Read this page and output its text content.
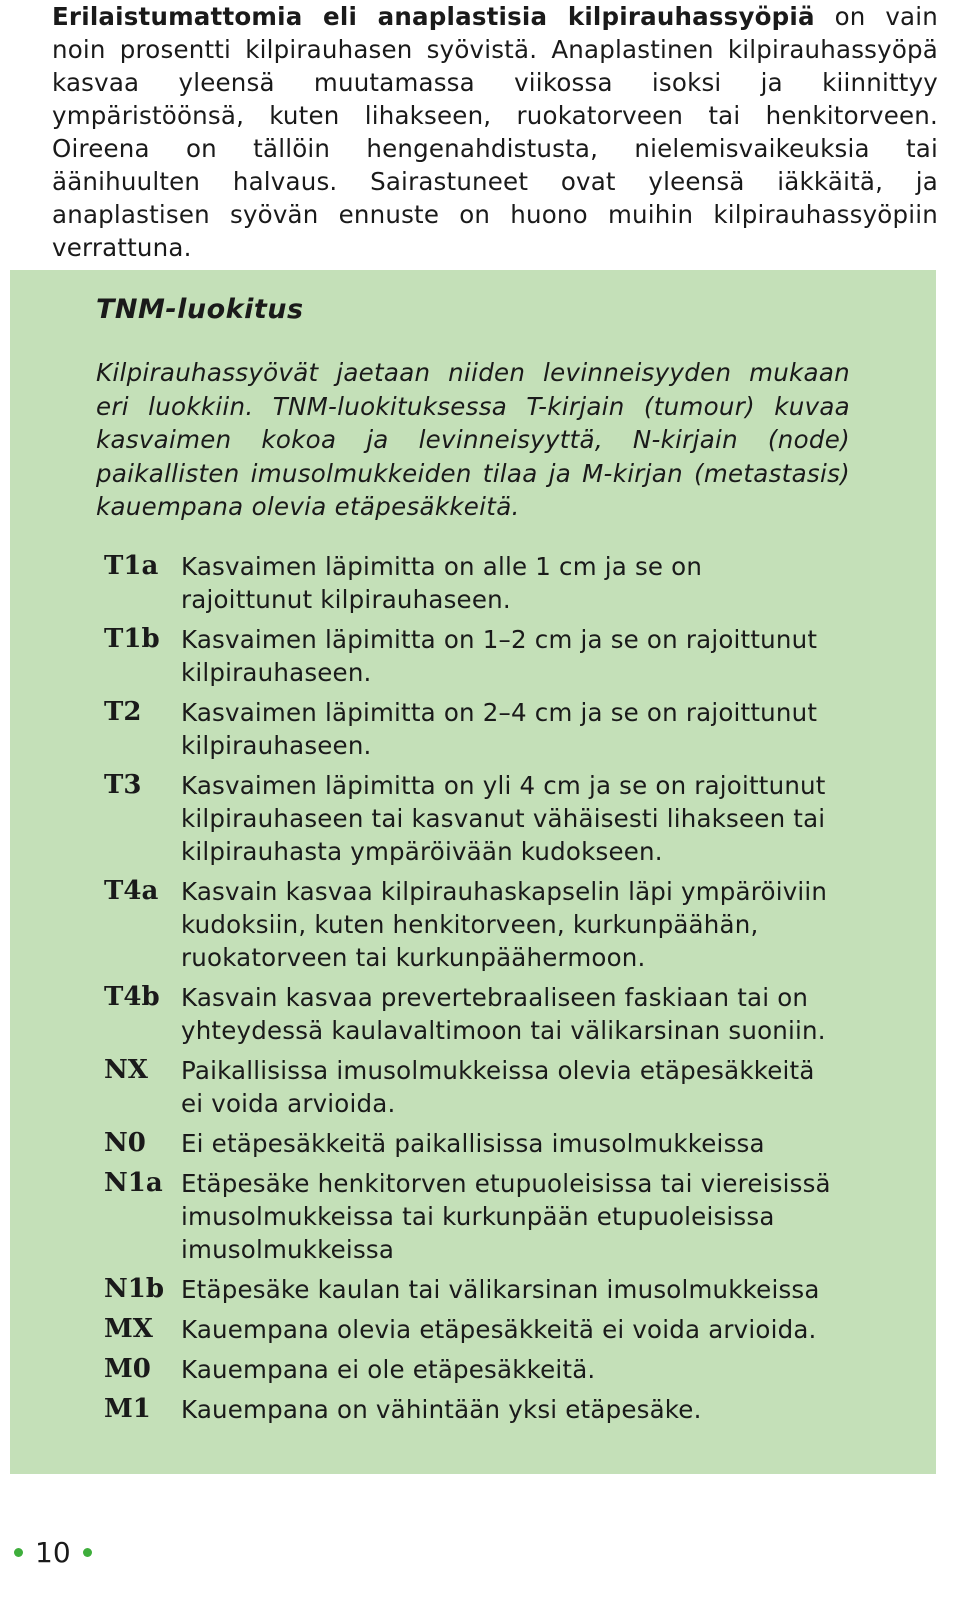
Erilaistumattomia eli anaplastisia kilpirauhassyöpiä on vain noin prosentti kilpirauhasen syövistä. Anaplastinen kilpirauhassyöpä kasvaa yleensä muutamassa viikossa isoksi ja kiinnittyy ympäristöönsä, kuten lihakseen, ruokatorveen tai henkitorveen. Oireena on tällöin hengenahdistusta, nielemisvaikeuksia tai äänihuulten halvaus. Sairastuneet ovat yleensä iäkkäitä, ja anaplastisen syövän ennuste on huono muihin kilpirauhassyöpiin verrattuna.
TNM-luokitus
Kilpirauhassyövät jaetaan niiden levinneisyyden mukaan eri luokkiin. TNM-luokituksessa T-kirjain (tumour) kuvaa kasvaimen kokoa ja levinneisyyttä, N-kirjain (node) paikallisten imusolmukkeiden tilaa ja M-kirjan (metastasis) kauempana olevia etäpesäkkeitä.
T1a Kasvaimen läpimitta on alle 1 cm ja se on rajoittunut kilpirauhaseen.
T1b Kasvaimen läpimitta on 1–2 cm ja se on rajoittunut kilpirauhaseen.
T2	Kasvaimen läpimitta on 2–4 cm ja se on rajoittunut kilpirauhaseen.
T3	Kasvaimen läpimitta on yli 4 cm ja se on rajoittunut kilpirauhaseen tai kasvanut vähäisesti lihakseen tai kilpirauhasta ympäröivään kudokseen.
T4a Kasvain kasvaa kilpirauhaskapselin läpi ympäröiviin kudoksiin, kuten henkitorveen, kurkunpäähän, ruokatorveen tai kurkunpäähermoon.
T4b Kasvain kasvaa prevertebraaliseen faskiaan tai on yhteydessä kaulavaltimoon tai välikarsinan suoniin.
NX	Paikallisissa imusolmukkeissa olevia etäpesäkkeitä ei voida arvioida.
N0	Ei etäpesäkkeitä paikallisissa imusolmukkeissa
N1a Etäpesäke henkitorven etupuoleisissa tai viereisissä imusolmukkeissa tai kurkunpään etupuoleisissa imusolmukkeissa
N1b Etäpesäke kaulan tai välikarsinan imusolmukkeissa
MX	Kauempana olevia etäpesäkkeitä ei voida arvioida.
M0	Kauempana ei ole etäpesäkkeitä.
M1	Kauempana on vähintään yksi etäpesäke.
10
